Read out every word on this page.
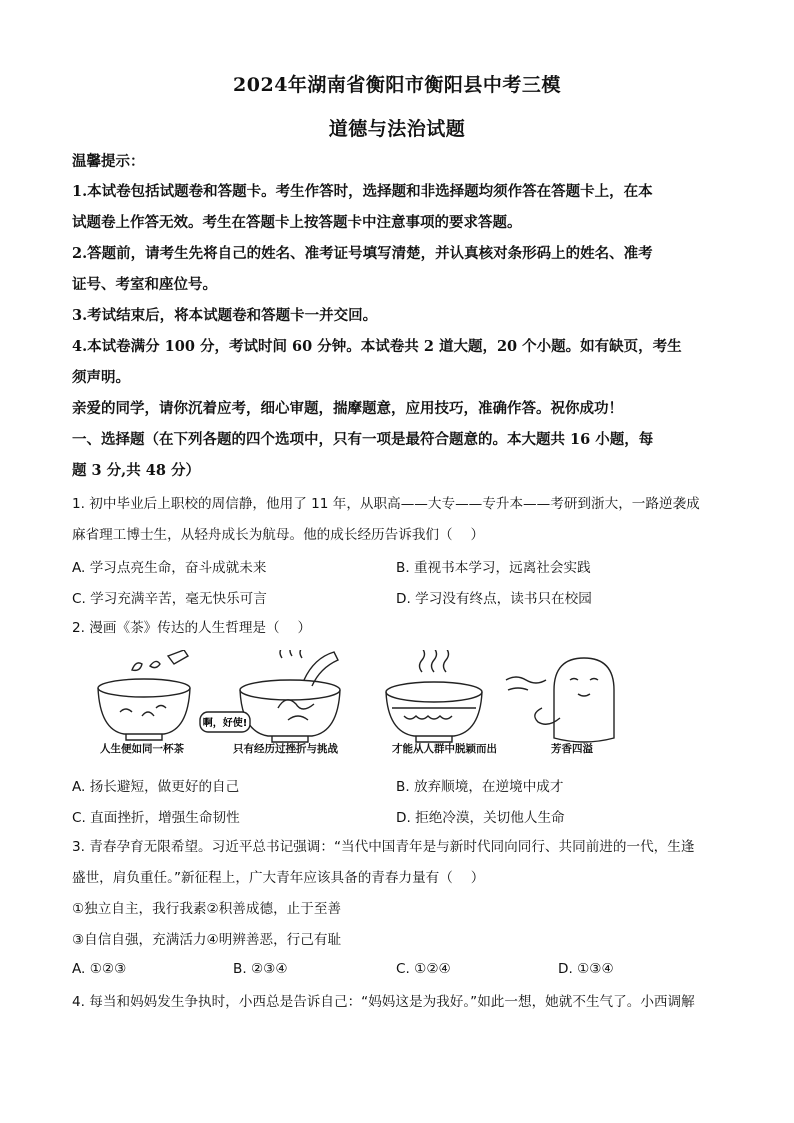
2024年湖南省衡阳市衡阳县中考三模
道德与法治试题
温馨提示：
1.本试卷包括试题卷和答题卡。考生作答时，选择题和非选择题均须作答在答题卡上，在本
试题卷上作答无效。考生在答题卡上按答题卡中注意事项的要求答题。
2.答题前，请考生先将自己的姓名、准考证号填写清楚，并认真核对条形码上的姓名、准考
证号、考室和座位号。
3.考试结束后，将本试题卷和答题卡一并交回。
4.本试卷满分 100 分，考试时间 60 分钟。本试卷共 2 道大题，20 个小题。如有缺页，考生
须声明。
亲爱的同学，请你沉着应考，细心审题，揣摩题意，应用技巧，准确作答。祝你成功！
一、选择题（在下列各题的四个选项中，只有一项是最符合题意的。本大题共 16 小题，每
题 3 分,共 48 分）
1. 初中毕业后上职校的周信静，他用了 11 年，从职高——大专——专升本——考研到浙大，一路逆袭成
麻省理工博士生，从轻舟成长为航母。他的成长经历告诉我们（　 ）
A. 学习点亮生命，奋斗成就未来	B. 重视书本学习，远离社会实践
C. 学习充满辛苦，毫无快乐可言	D. 学习没有终点，读书只在校园
2. 漫画《茶》传达的人生哲理是（　 ）
啊，好使!
人生便如同一杯茶	只有经历过挫折与挑战	才能从人群中脱颖而出	芳香四溢
A. 扬长避短，做更好的自己	B. 放弃顺境，在逆境中成才
C. 直面挫折，增强生命韧性	D. 拒绝冷漠，关切他人生命
3. 青春孕育无限希望。习近平总书记强调：“当代中国青年是与新时代同向同行、共同前进的一代，生逢
盛世，肩负重任。”新征程上，广大青年应该具备的青春力量有（　 ）
①独立自主，我行我素②积善成德，止于至善
③自信自强，充满活力④明辨善恶，行己有耻
A. ①②③	B. ②③④	C. ①②④	D. ①③④
4. 每当和妈妈发生争执时，小西总是告诉自己：“妈妈这是为我好。”如此一想，她就不生气了。小西调解
